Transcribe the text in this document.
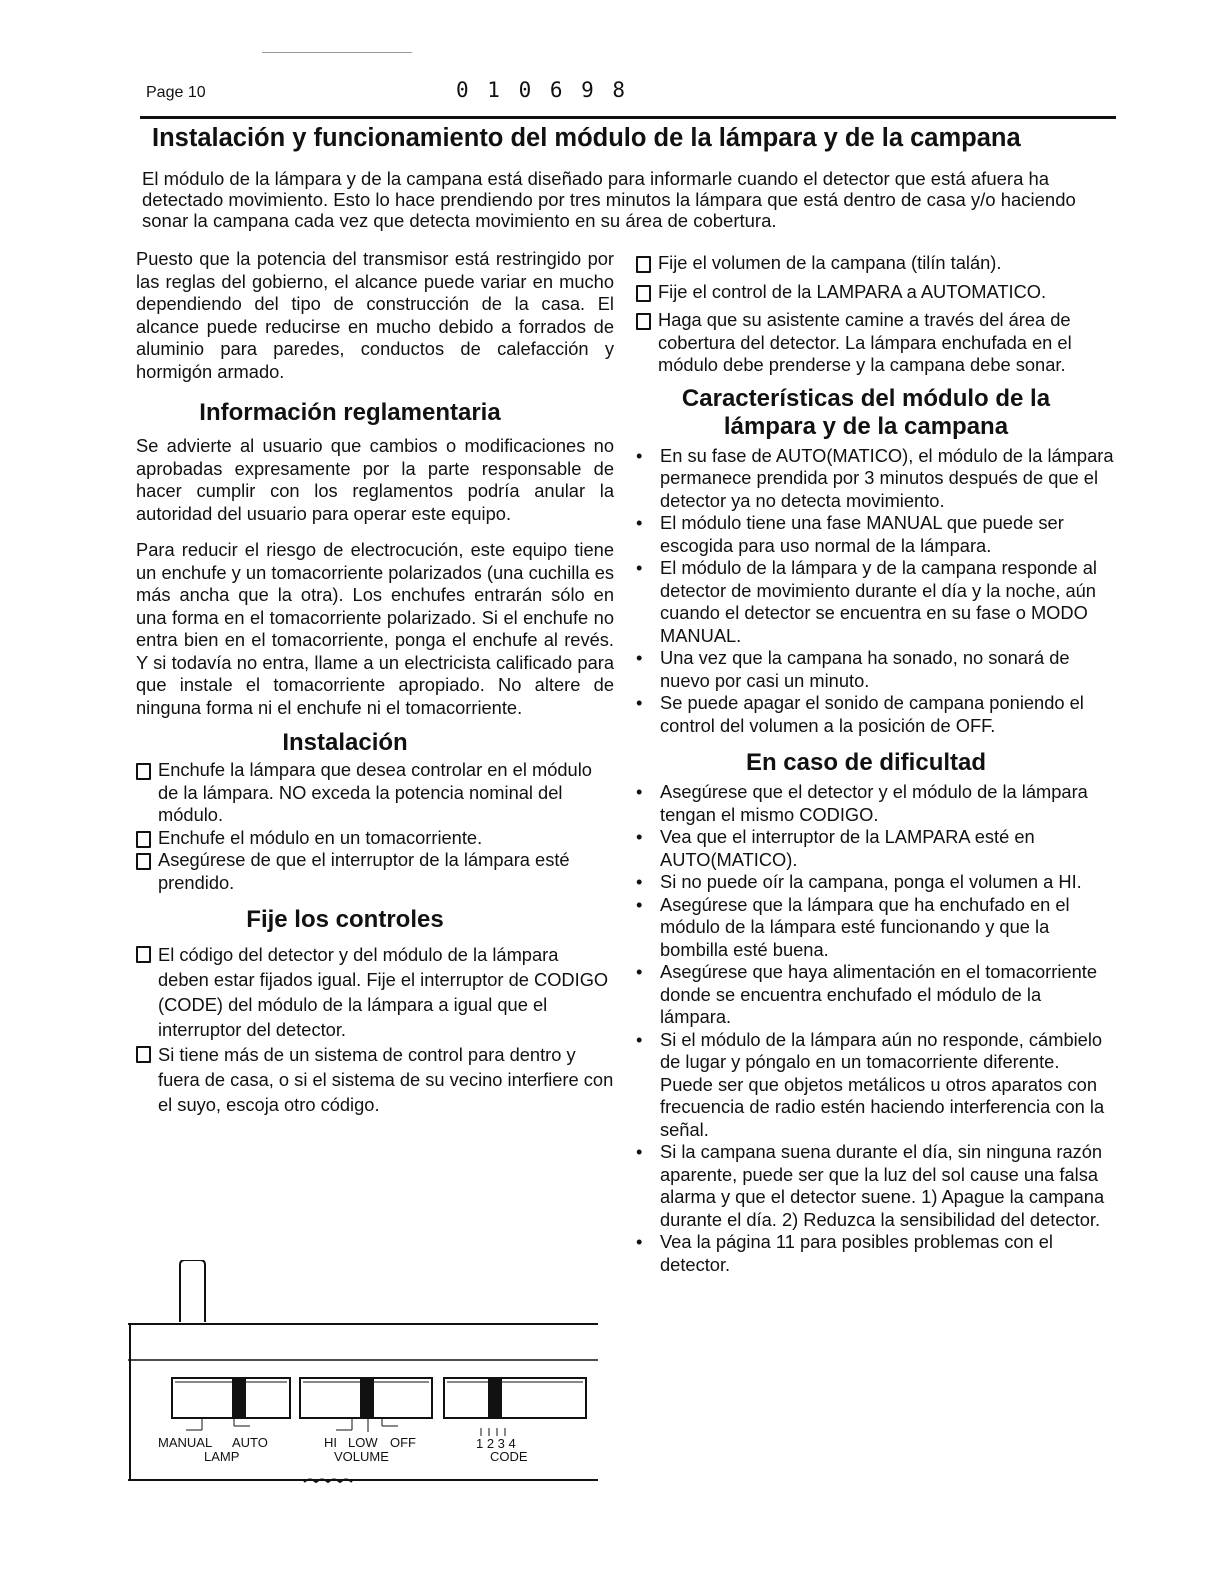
Page 10	0 1 0 6 9 8
Instalación y funcionamiento del módulo de la lámpara y de la campana

El módulo de la lámpara y de la campana está diseñado para informarle cuando el detector que está afuera ha detectado movimiento. Esto lo hace prendiendo por tres minutos la lámpara que está dentro de casa y/o haciendo sonar la campana cada vez que detecta movimiento en su área de cobertura.

Puesto que la potencia del transmisor está restringido por las reglas del gobierno, el alcance puede variar en mucho dependiendo del tipo de construcción de la casa. El alcance puede reducirse en mucho debido a forrados de aluminio para paredes, conductos de calefacción y hormigón armado.

Información reglamentaria

Se advierte al usuario que cambios o modificaciones no aprobadas expresamente por la parte responsable de hacer cumplir con los reglamentos podría anular la autoridad del usuario para operar este equipo.

Para reducir el riesgo de electrocución, este equipo tiene un enchufe y un tomacorriente polarizados (una cuchilla es más ancha que la otra). Los enchufes entrarán sólo en una forma en el tomacorriente polarizado. Si el enchufe no entra bien en el tomacorriente, ponga el enchufe al revés. Y si todavía no entra, llame a un electricista calificado para que instale el tomacorriente apropiado. No altere de ninguna forma ni el enchufe ni el tomacorriente.

Instalación
Enchufe la lámpara que desea controlar en el módulo de la lámpara. NO exceda la potencia nominal del módulo.
Enchufe el módulo en un tomacorriente.
Asegúrese de que el interruptor de la lámpara esté prendido.
Fije los controles
El código del detector y del módulo de la lámpara deben estar fijados igual. Fije el interruptor de CODIGO (CODE) del módulo de la lámpara a igual que el interruptor del detector.
Si tiene más de un sistema de control para dentro y fuera de casa, o si el sistema de su vecino interfiere con el suyo, escoja otro código.
Fije el volumen de la campana (tilín talán).
Fije el control de la LAMPARA a AUTOMATICO.
Haga que su asistente camine a través del área de cobertura del detector. La lámpara enchufada en el módulo debe prenderse y la campana debe sonar.
Características del módulo de la
lámpara y de la campana
• En su fase de AUTO(MATICO), el módulo de la lámpara permanece prendida por 3 minutos después de que el detector ya no detecta movimiento.
• El módulo tiene una fase MANUAL que puede ser escogida para uso normal de la lámpara.
• El módulo de la lámpara y de la campana responde al detector de movimiento durante el día y la noche, aún cuando el detector se encuentra en su fase o MODO MANUAL.
• Una vez que la campana ha sonado, no sonará de nuevo por casi un minuto.
• Se puede apagar el sonido de campana poniendo el control del volumen a la posición de OFF.
En caso de dificultad
• Asegúrese que el detector y el módulo de la lámpara tengan el mismo CODIGO.
• Vea que el interruptor de la LAMPARA esté en AUTO(MATICO).
• Si no puede oír la campana, ponga el volumen a HI.
• Asegúrese que la lámpara que ha enchufado en el módulo de la lámpara esté funcionando y que la bombilla esté buena.
• Asegúrese que haya alimentación en el tomacorriente donde se encuentra enchufado el módulo de la lámpara.
• Si el módulo de la lámpara aún no responde, cámbielo de lugar y póngalo en un tomacorriente diferente. Puede ser que objetos metálicos u otros aparatos con frecuencia de radio estén haciendo interferencia con la señal.
• Si la campana suena durante el día, sin ninguna razón aparente, puede ser que la luz del sol cause una falsa alarma y que el detector suene. 1) Apague la campana durante el día. 2) Reduzca la sensibilidad del detector.
• Vea la página 11 para posibles problemas con el detector.
MANUAL AUTO
LAMP
HI LOW OFF
VOLUME
1 2 3 4
CODE
